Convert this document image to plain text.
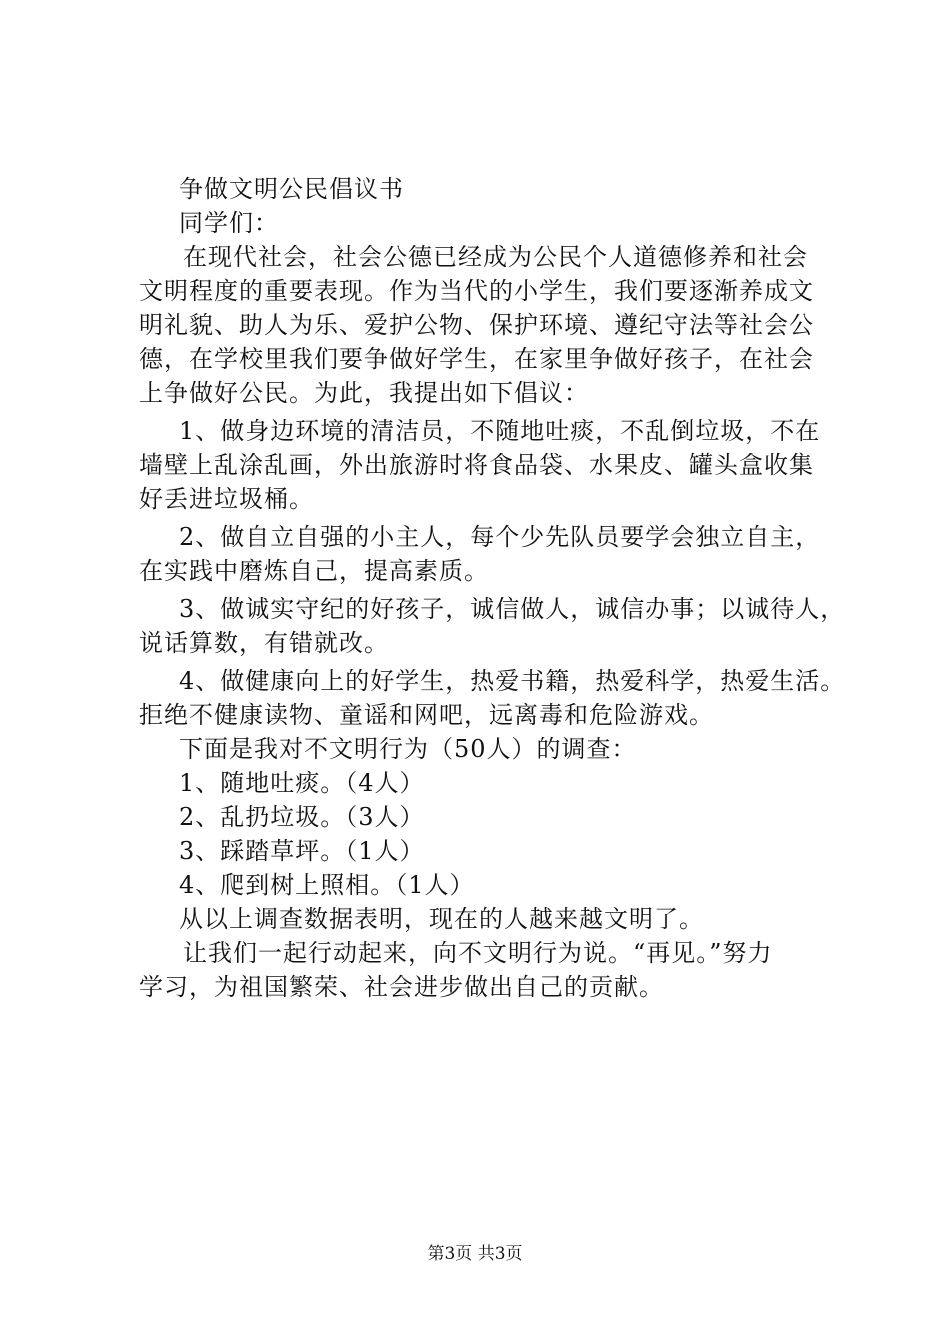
争做文明公民倡议书
同学们：
在现代社会，社会公德已经成为公民个人道德修养和社会
文明程度的重要表现。作为当代的小学生，我们要逐渐养成文
明礼貌、助人为乐、爱护公物、保护环境、遵纪守法等社会公
德，在学校里我们要争做好学生，在家里争做好孩子，在社会
上争做好公民。为此，我提出如下倡议：
1、做身边环境的清洁员，不随地吐痰，不乱倒垃圾，不在
墙壁上乱涂乱画，外出旅游时将食品袋、水果皮、罐头盒收集
好丢进垃圾桶。
2、做自立自强的小主人，每个少先队员要学会独立自主，
在实践中磨炼自己，提高素质。
3、做诚实守纪的好孩子，诚信做人，诚信办事；以诚待人，
说话算数，有错就改。
4、做健康向上的好学生，热爱书籍，热爱科学，热爱生活。
拒绝不健康读物、童谣和网吧，远离毒和危险游戏。
下面是我对不文明行为（50人）的调查：
1、随地吐痰。（4人）
2、乱扔垃圾。（3人）
3、踩踏草坪。（1人）
4、爬到树上照相。（1人）
从以上调查数据表明，现在的人越来越文明了。
让我们一起行动起来，向不文明行为说。“再见。”努力
学习，为祖国繁荣、社会进步做出自己的贡献。
第3页 共3页
